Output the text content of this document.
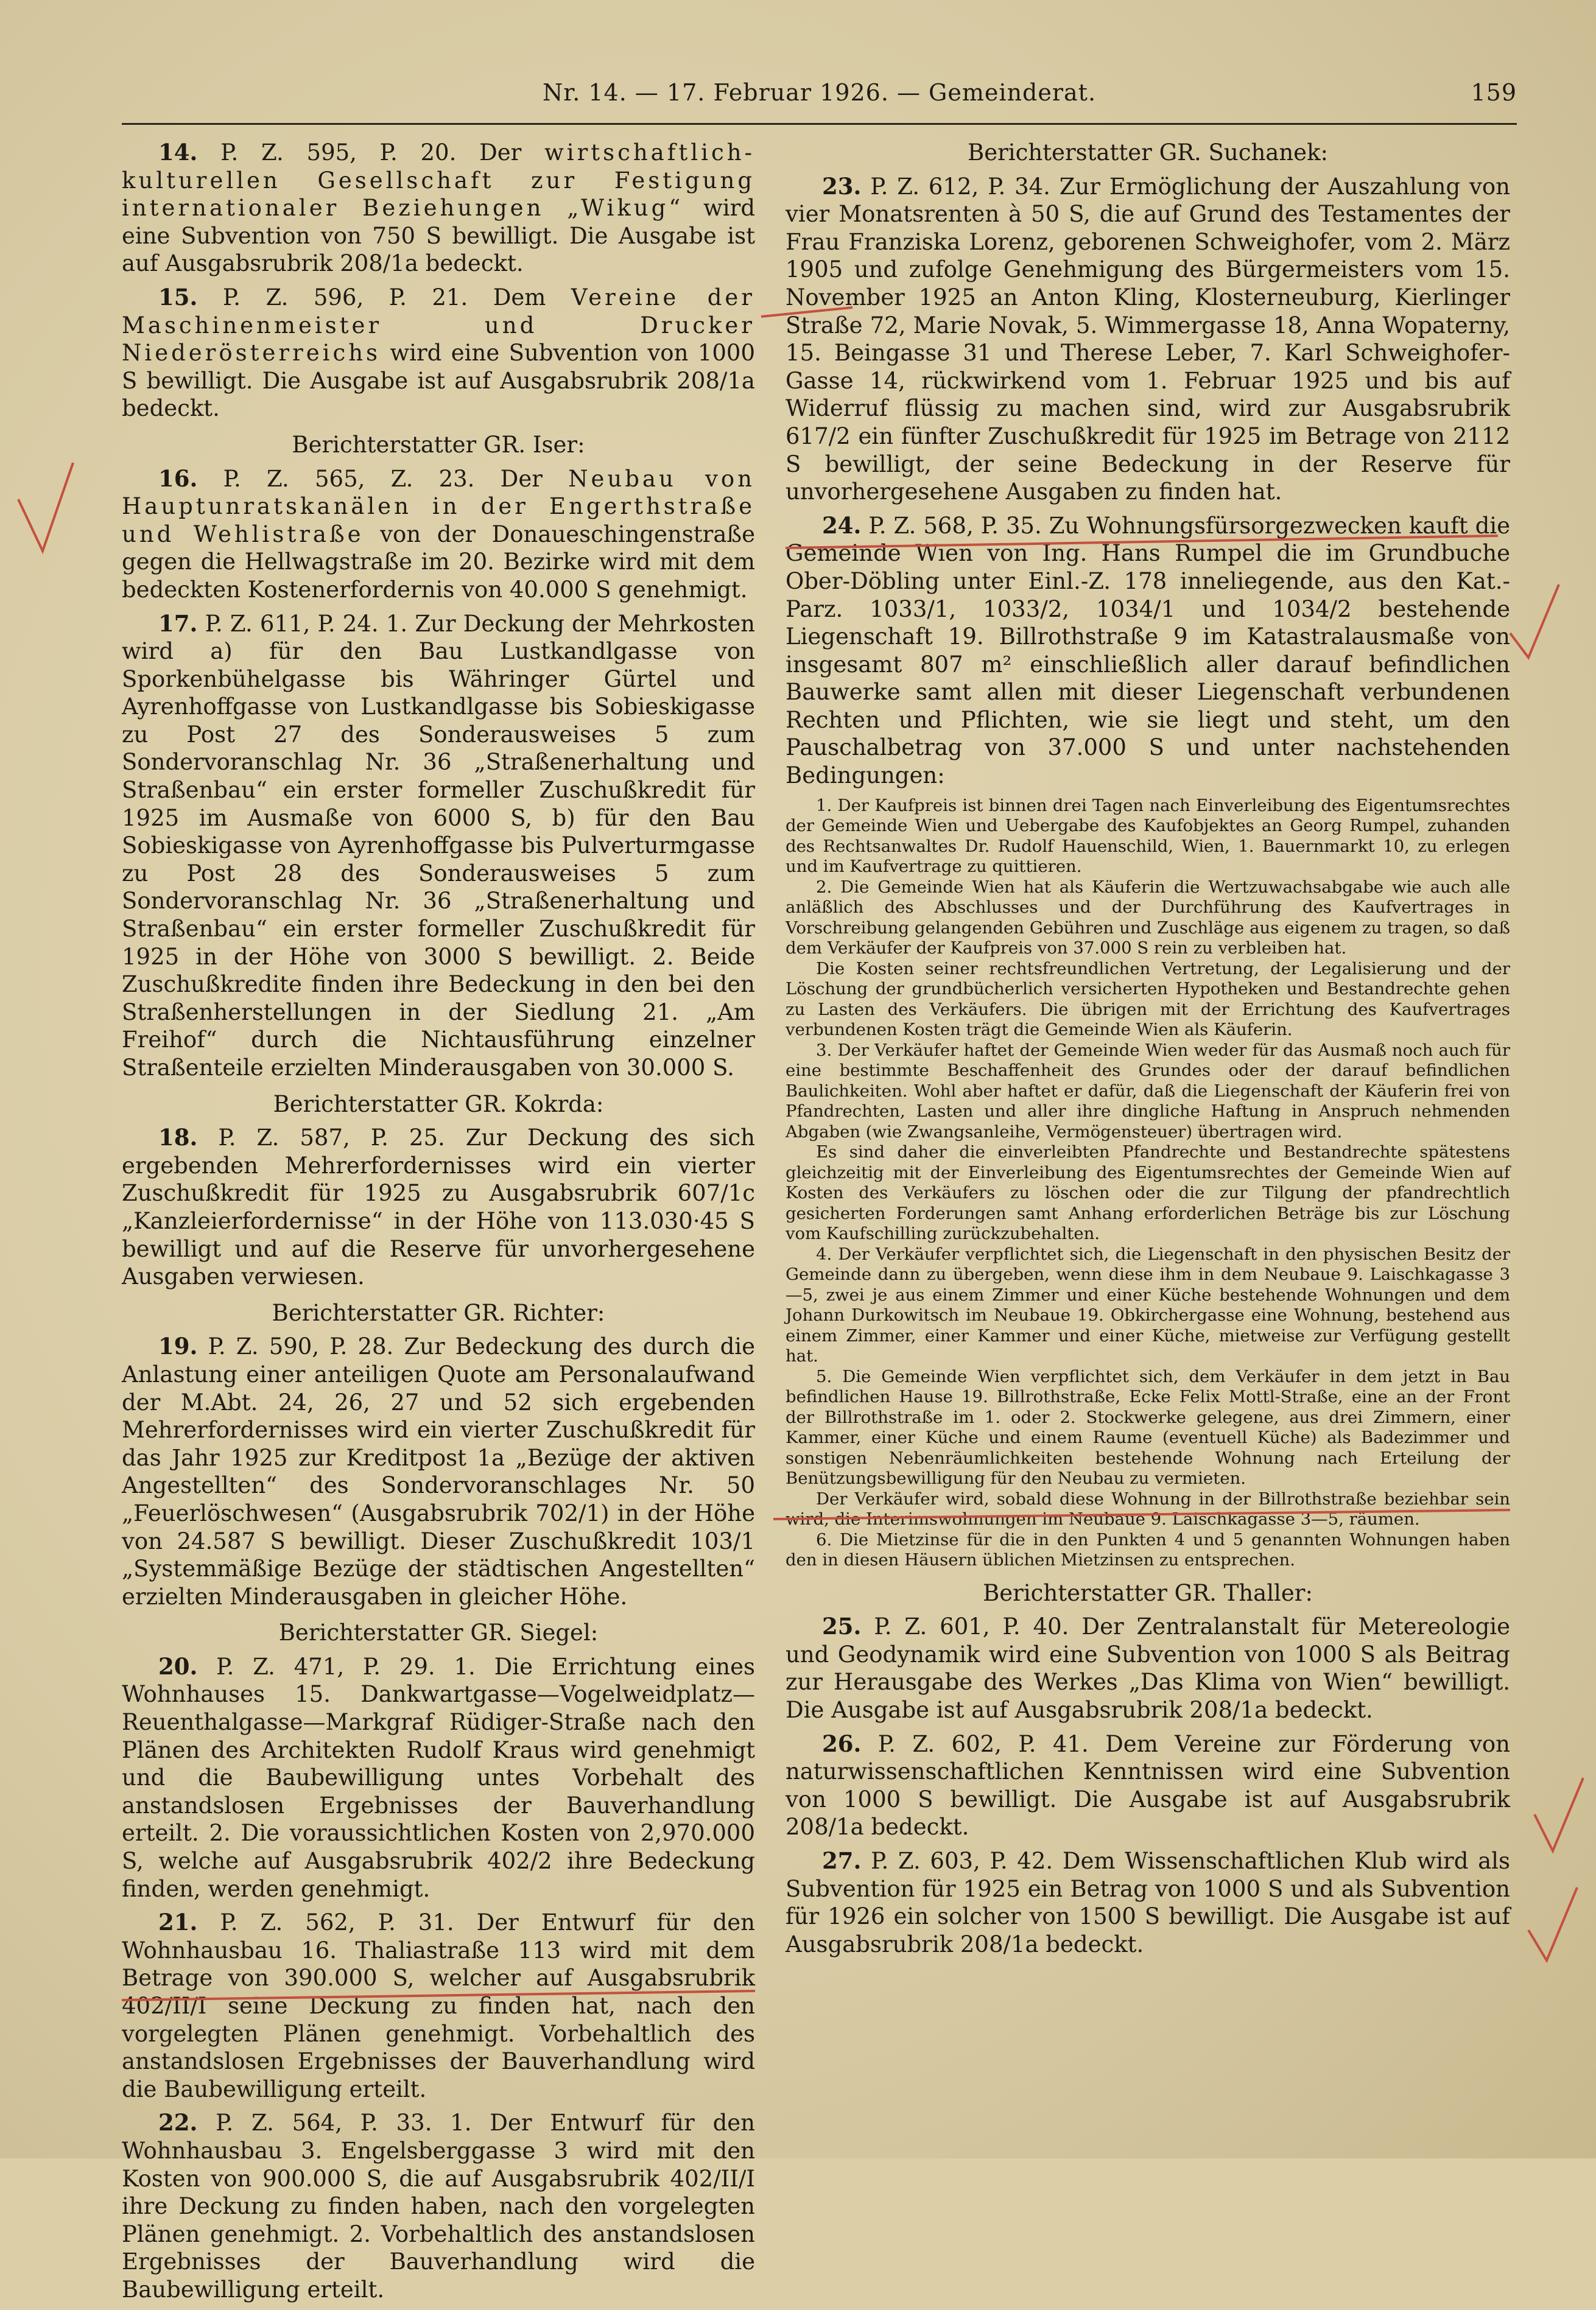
Nr. 14. — 17. Februar 1926. — Gemeinderat.	159

14. P. Z. 595, P. 20. Der wirtschaftlich-kulturellen Gesellschaft zur Festigung internationaler Beziehungen „Wikug“ wird eine Subvention von 750 S bewilligt. Die Ausgabe ist auf Ausgabsrubrik 208/1a bedeckt.

15. P. Z. 596, P. 21. Dem Vereine der Maschinenmeister und Drucker Niederösterreichs wird eine Subvention von 1000 S bewilligt. Die Ausgabe ist auf Ausgabsrubrik 208/1a bedeckt.

Berichterstatter GR. Iser:

16. P. Z. 565, Z. 23. Der Neubau von Hauptunratskanälen in der Engerthstraße und Wehlistraße von der Donaueschingenstraße gegen die Hellwagstraße im 20. Bezirke wird mit dem bedeckten Kostenerfordernis von 40.000 S genehmigt.

17. P. Z. 611, P. 24. 1. Zur Deckung der Mehrkosten wird a) für den Bau Lustkandlgasse von Sporkenbühelgasse bis Währinger Gürtel und Ayrenhoffgasse von Lustkandlgasse bis Sobieskigasse zu Post 27 des Sonderausweises 5 zum Sondervoranschlag Nr. 36 „Straßenerhaltung und Straßenbau“ ein erster formeller Zuschußkredit für 1925 im Ausmaße von 6000 S, b) für den Bau Sobieskigasse von Ayrenhoffgasse bis Pulverturmgasse zu Post 28 des Sonderausweises 5 zum Sondervoranschlag Nr. 36 „Straßenerhaltung und Straßenbau“ ein erster formeller Zuschußkredit für 1925 in der Höhe von 3000 S bewilligt. 2. Beide Zuschußkredite finden ihre Bedeckung in den bei den Straßenherstellungen in der Siedlung 21. „Am Freihof“ durch die Nichtausführung einzelner Straßenteile erzielten Minderausgaben von 30.000 S.

Berichterstatter GR. Kokrda:

18. P. Z. 587, P. 25. Zur Deckung des sich ergebenden Mehrerfordernisses wird ein vierter Zuschußkredit für 1925 zu Ausgabsrubrik 607/1c „Kanzleierfordernisse“ in der Höhe von 113.030·45 S bewilligt und auf die Reserve für unvorhergesehene Ausgaben verwiesen.

Berichterstatter GR. Richter:

19. P. Z. 590, P. 28. Zur Bedeckung des durch die Anlastung einer anteiligen Quote am Personalaufwand der M.Abt. 24, 26, 27 und 52 sich ergebenden Mehrerfordernisses wird ein vierter Zuschußkredit für das Jahr 1925 zur Kreditpost 1a „Bezüge der aktiven Angestellten“ des Sondervoranschlages Nr. 50 „Feuerlöschwesen“ (Ausgabsrubrik 702/1) in der Höhe von 24.587 S bewilligt. Dieser Zuschußkredit 103/1 „Systemmäßige Bezüge der städtischen Angestellten“ erzielten Minderausgaben in gleicher Höhe.

Berichterstatter GR. Siegel:

20. P. Z. 471, P. 29. 1. Die Errichtung eines Wohnhauses 15. Dankwartgasse—Vogelweidplatz—Reuenthalgasse—Markgraf Rüdiger-Straße nach den Plänen des Architekten Rudolf Kraus wird genehmigt und die Baubewilligung untes Vorbehalt des anstandslosen Ergebnisses der Bauverhandlung erteilt. 2. Die voraussichtlichen Kosten von 2,970.000 S, welche auf Ausgabsrubrik 402/2 ihre Bedeckung finden, werden genehmigt.

21. P. Z. 562, P. 31. Der Entwurf für den Wohnhausbau 16. Thaliastraße 113 wird mit dem Betrage von 390.000 S, welcher auf Ausgabsrubrik 402/II/I seine Deckung zu finden hat, nach den vorgelegten Plänen genehmigt. Vorbehaltlich des anstandslosen Ergebnisses der Bauverhandlung wird die Baubewilligung erteilt.

22. P. Z. 564, P. 33. 1. Der Entwurf für den Wohnhausbau 3. Engelsberggasse 3 wird mit den Kosten von 900.000 S, die auf Ausgabsrubrik 402/II/I ihre Deckung zu finden haben, nach den vorgelegten Plänen genehmigt. 2. Vorbehaltlich des anstandslosen Ergebnisses der Bauverhandlung wird die Baubewilligung erteilt.

Berichterstatter GR. Suchanek:

23. P. Z. 612, P. 34. Zur Ermöglichung der Auszahlung von vier Monatsrenten à 50 S, die auf Grund des Testamentes der Frau Franziska Lorenz, geborenen Schweighofer, vom 2. März 1905 und zufolge Genehmigung des Bürgermeisters vom 15. November 1925 an Anton Kling, Klosterneuburg, Kierlinger Straße 72, Marie Novak, 5. Wimmergasse 18, Anna Wopaterny, 15. Beingasse 31 und Therese Leber, 7. Karl Schweighofer-Gasse 14, rückwirkend vom 1. Februar 1925 und bis auf Widerruf flüssig zu machen sind, wird zur Ausgabsrubrik 617/2 ein fünfter Zuschußkredit für 1925 im Betrage von 2112 S bewilligt, der seine Bedeckung in der Reserve für unvorhergesehene Ausgaben zu finden hat.

24. P. Z. 568, P. 35. Zu Wohnungsfürsorgezwecken kauft die Gemeinde Wien von Ing. Hans Rumpel die im Grundbuche Ober-Döbling unter Einl.-Z. 178 inneliegende, aus den Kat.-Parz. 1033/1, 1033/2, 1034/1 und 1034/2 bestehende Liegenschaft 19. Billrothstraße 9 im Katastralausmaße von insgesamt 807 m² einschließlich aller darauf befindlichen Bauwerke samt allen mit dieser Liegenschaft verbundenen Rechten und Pflichten, wie sie liegt und steht, um den Pauschalbetrag von 37.000 S und unter nachstehenden Bedingungen:

1. Der Kaufpreis ist binnen drei Tagen nach Einverleibung des Eigentumsrechtes der Gemeinde Wien und Uebergabe des Kaufobjektes an Georg Rumpel, zuhanden des Rechtsanwaltes Dr. Rudolf Hauenschild, Wien, 1. Bauernmarkt 10, zu erlegen und im Kaufvertrage zu quittieren.

2. Die Gemeinde Wien hat als Käuferin die Wertzuwachsabgabe wie auch alle anläßlich des Abschlusses und der Durchführung des Kaufvertrages in Vorschreibung gelangenden Gebühren und Zuschläge aus eigenem zu tragen, so daß dem Verkäufer der Kaufpreis von 37.000 S rein zu verbleiben hat.

Die Kosten seiner rechtsfreundlichen Vertretung, der Legalisierung und der Löschung der grundbücherlich versicherten Hypotheken und Bestandrechte gehen zu Lasten des Verkäufers. Die übrigen mit der Errichtung des Kaufvertrages verbundenen Kosten trägt die Gemeinde Wien als Käuferin.

3. Der Verkäufer haftet der Gemeinde Wien weder für das Ausmaß noch auch für eine bestimmte Beschaffenheit des Grundes oder der darauf befindlichen Baulichkeiten. Wohl aber haftet er dafür, daß die Liegenschaft der Käuferin frei von Pfandrechten, Lasten und aller ihre dingliche Haftung in Anspruch nehmenden Abgaben (wie Zwangsanleihe, Vermögensteuer) übertragen wird.

Es sind daher die einverleibten Pfandrechte und Bestandrechte spätestens gleichzeitig mit der Einverleibung des Eigentumsrechtes der Gemeinde Wien auf Kosten des Verkäufers zu löschen oder die zur Tilgung der pfandrechtlich gesicherten Forderungen samt Anhang erforderlichen Beträge bis zur Löschung vom Kaufschilling zurückzubehalten.

4. Der Verkäufer verpflichtet sich, die Liegenschaft in den physischen Besitz der Gemeinde dann zu übergeben, wenn diese ihm in dem Neubaue 9. Laischkagasse 3—5, zwei je aus einem Zimmer und einer Küche bestehende Wohnungen und dem Johann Durkowitsch im Neubaue 19. Obkirchergasse eine Wohnung, bestehend aus einem Zimmer, einer Kammer und einer Küche, mietweise zur Verfügung gestellt hat.

5. Die Gemeinde Wien verpflichtet sich, dem Verkäufer in dem jetzt in Bau befindlichen Hause 19. Billrothstraße, Ecke Felix Mottl-Straße, eine an der Front der Billrothstraße im 1. oder 2. Stockwerke gelegene, aus drei Zimmern, einer Kammer, einer Küche und einem Raume (eventuell Küche) als Badezimmer und sonstigen Nebenräumlichkeiten bestehende Wohnung nach Erteilung der Benützungsbewilligung für den Neubau zu vermieten.

Der Verkäufer wird, sobald diese Wohnung in der Billrothstraße beziehbar sein wird, die Interimswohnungen im Neubaue 9. Laischkagasse 3—5, räumen.

6. Die Mietzinse für die in den Punkten 4 und 5 genannten Wohnungen haben den in diesen Häusern üblichen Mietzinsen zu entsprechen.

Berichterstatter GR. Thaller:

25. P. Z. 601, P. 40. Der Zentralanstalt für Metereologie und Geodynamik wird eine Subvention von 1000 S als Beitrag zur Herausgabe des Werkes „Das Klima von Wien“ bewilligt. Die Ausgabe ist auf Ausgabsrubrik 208/1a bedeckt.

26. P. Z. 602, P. 41. Dem Vereine zur Förderung von naturwissenschaftlichen Kenntnissen wird eine Subvention von 1000 S bewilligt. Die Ausgabe ist auf Ausgabsrubrik 208/1a bedeckt.

27. P. Z. 603, P. 42. Dem Wissenschaftlichen Klub wird als Subvention für 1925 ein Betrag von 1000 S und als Subvention für 1926 ein solcher von 1500 S bewilligt. Die Ausgabe ist auf Ausgabsrubrik 208/1a bedeckt.
